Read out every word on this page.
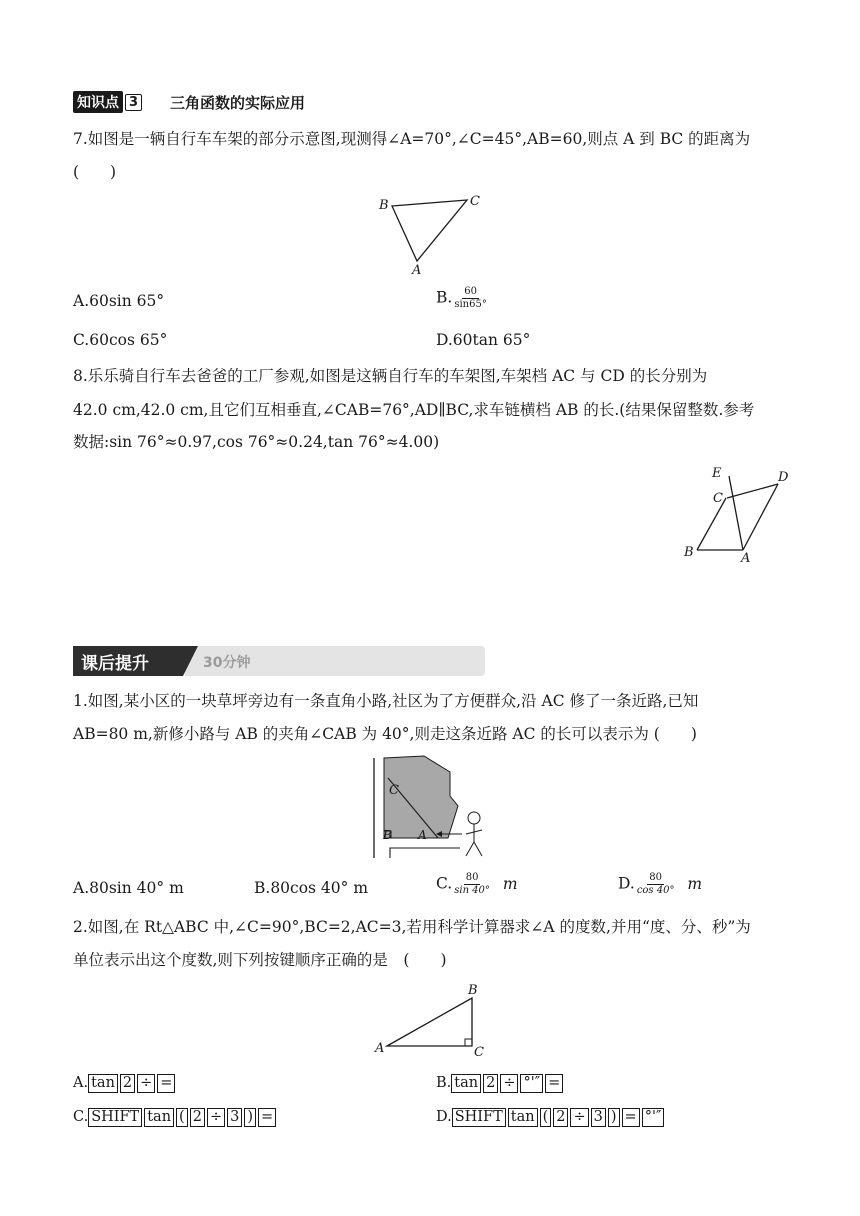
知识点 3 三角函数的实际应用
7.如图是一辆自行车车架的部分示意图,现测得∠A=70°,∠C=45°,AB=60,则点 A 到 BC 的距离为
(　　)
B	C
A
A.60sin 65°	B. $\frac{60}{\sin 65^\circ}$
C.60cos 65°	D.60tan 65°
8.乐乐骑自行车去爸爸的工厂参观,如图是这辆自行车的车架图,车架档 AC 与 CD 的长分别为
42.0 cm,42.0 cm,且它们互相垂直,∠CAB=76°,AD∥BC,求车链横档 AB 的长.(结果保留整数.参考
数据:sin 76°≈0.97,cos 76°≈0.24,tan 76°≈4.00)
E	D
C
B	A
课后提升	30分钟
1.如图,某小区的一块草坪旁边有一条直角小路,社区为了方便群众,沿 AC 修了一条近路,已知
AB=80 m,新修小路与 AB 的夹角∠CAB 为 40°,则走这条近路 AC 的长可以表示为 (　　)
C
B A
A.80sin 40° m	B.80cos 40° m	C. $\frac{80}{\sin 40^\circ}$ m	D. $\frac{80}{\cos 40^\circ}$ m
2.如图,在 Rt△ABC 中,∠C=90°,BC=2,AC=3,若用科学计算器求∠A 的度数,并用“度、分、秒”为
单位表示出这个度数,则下列按键顺序正确的是　(　　)
B
A	C
A. tan 2 ÷ =	B. tan 2 ÷ °'″ =
C. SHIFT tan ( 2 ÷ 3 ) =	D. SHIFT tan ( 2 ÷ 3 ) = °'″
